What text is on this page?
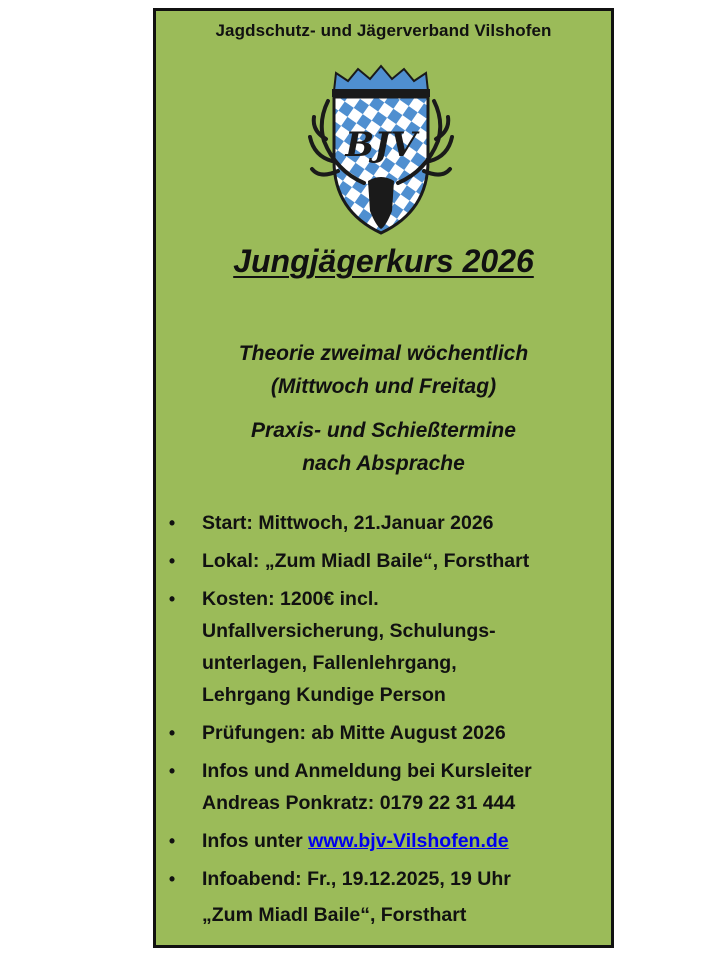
Jagdschutz- und Jägerverband Vilshofen
BJV
Jungjägerkurs 2026
Theorie zweimal wöchentlich
(Mittwoch und Freitag)
Praxis- und Schießtermine
nach Absprache
• Start: Mittwoch, 21.Januar 2026
• Lokal: „Zum Miadl Baile“, Forsthart
• Kosten: 1200€ incl.
Unfallversicherung, Schulungs-
unterlagen, Fallenlehrgang,
Lehrgang Kundige Person
• Prüfungen: ab Mitte August 2026
• Infos und Anmeldung bei Kursleiter
Andreas Ponkratz: 0179 22 31 444
• Infos unter www.bjv-Vilshofen.de
• Infoabend: Fr., 19.12.2025, 19 Uhr
„Zum Miadl Baile“, Forsthart
